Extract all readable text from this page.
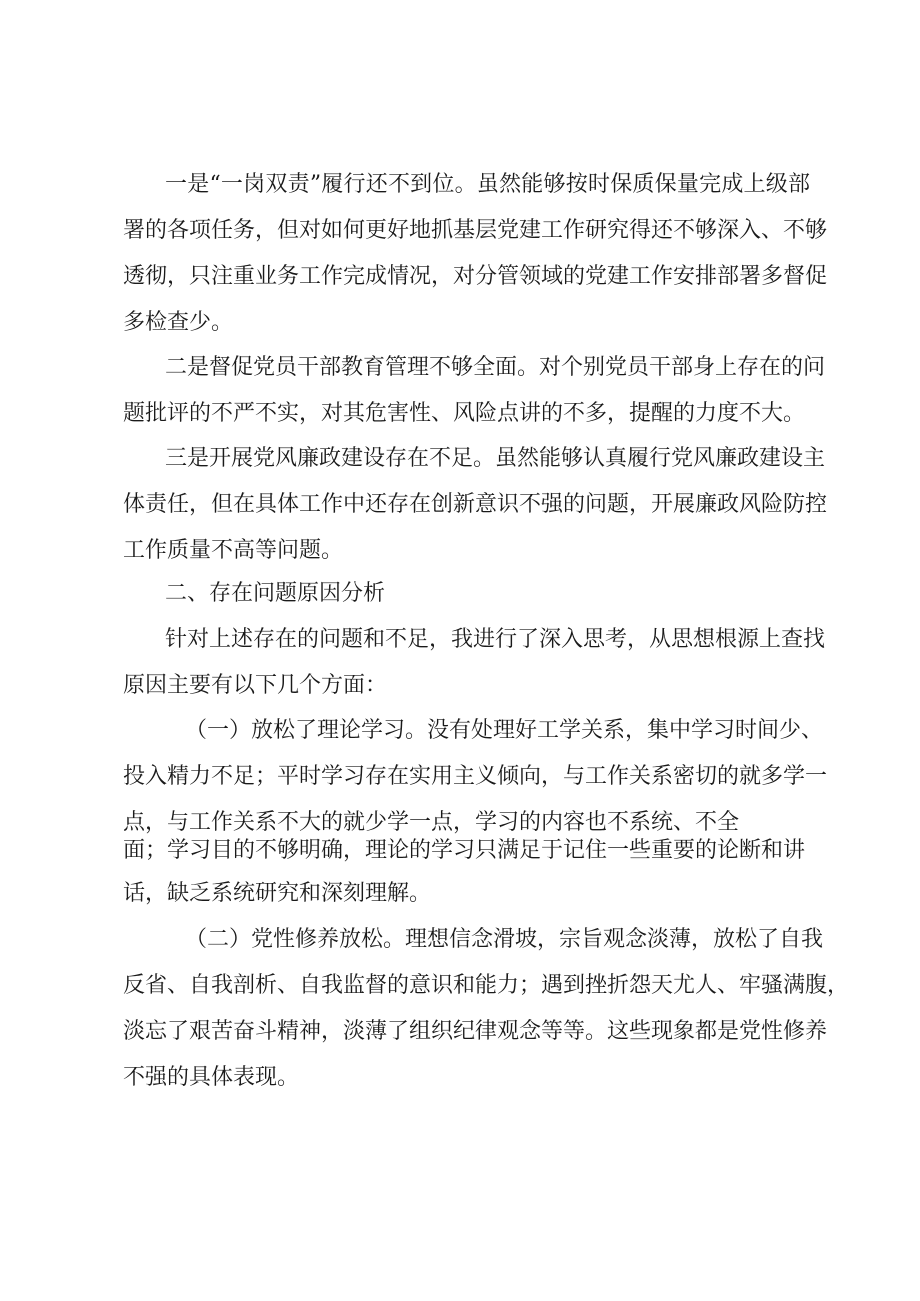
一是“一岗双责”履行还不到位。虽然能够按时保质保量完成上级部

署的各项任务，但对如何更好地抓基层党建工作研究得还不够深入、不够

透彻，只注重业务工作完成情况，对分管领域的党建工作安排部署多督促

多检查少。

二是督促党员干部教育管理不够全面。对个别党员干部身上存在的问

题批评的不严不实，对其危害性、风险点讲的不多，提醒的力度不大。

三是开展党风廉政建设存在不足。虽然能够认真履行党风廉政建设主

体责任，但在具体工作中还存在创新意识不强的问题，开展廉政风险防控

工作质量不高等问题。

二、存在问题原因分析

针对上述存在的问题和不足，我进行了深入思考，从思想根源上查找

原因主要有以下几个方面：

（一）放松了理论学习。没有处理好工学关系，集中学习时间少、

投入精力不足；平时学习存在实用主义倾向，与工作关系密切的就多学一

点，与工作关系不大的就少学一点，学习的内容也不系统、不全

面；学习目的不够明确，理论的学习只满足于记住一些重要的论断和讲

话，缺乏系统研究和深刻理解。

（二）党性修养放松。理想信念滑坡，宗旨观念淡薄，放松了自我

反省、自我剖析、自我监督的意识和能力；遇到挫折怨天尤人、牢骚满腹，

淡忘了艰苦奋斗精神，淡薄了组织纪律观念等等。这些现象都是党性修养

不强的具体表现。
